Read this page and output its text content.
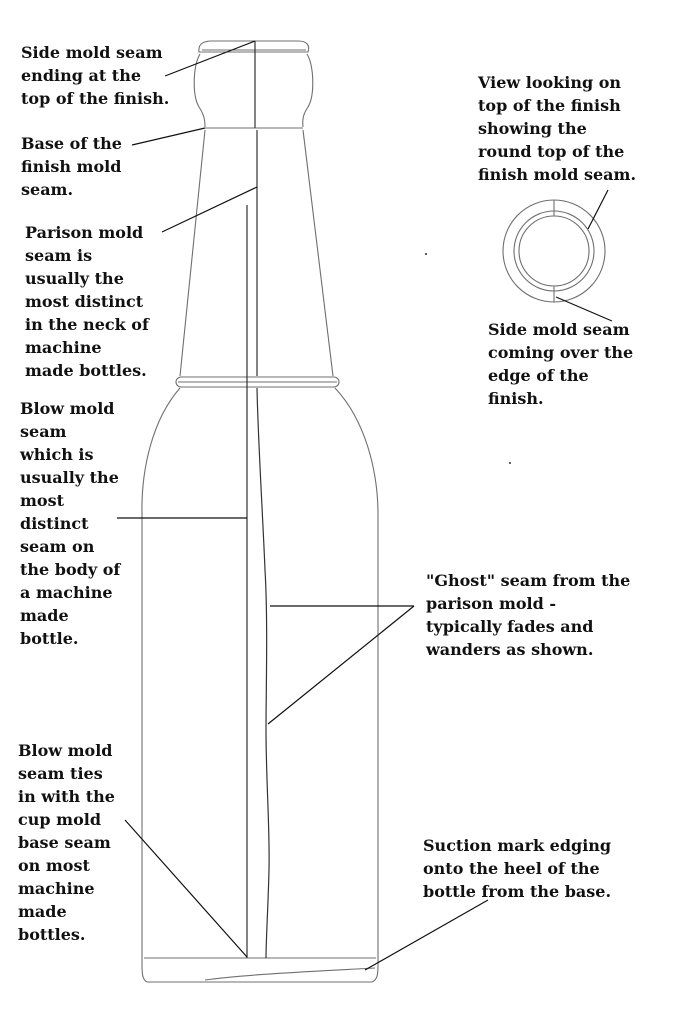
Side mold seam
ending at the
top of the finish.

Base of the
finish mold
seam.

Parison mold
seam is
usually the
most distinct
in the neck of
machine
made bottles.

Blow mold
seam
which is
usually the
most
distinct
seam on
the body of
a machine
made
bottle.

"Ghost" seam from the
parison mold -
typically fades and
wanders as shown.

Blow mold
seam ties
in with the
cup mold
base seam
on most
machine
made
bottles.

Suction mark edging
onto the heel of the
bottle from the base.

View looking on
top of the finish
showing the
round top of the
finish mold seam.

Side mold seam
coming over the
edge of the
finish.
